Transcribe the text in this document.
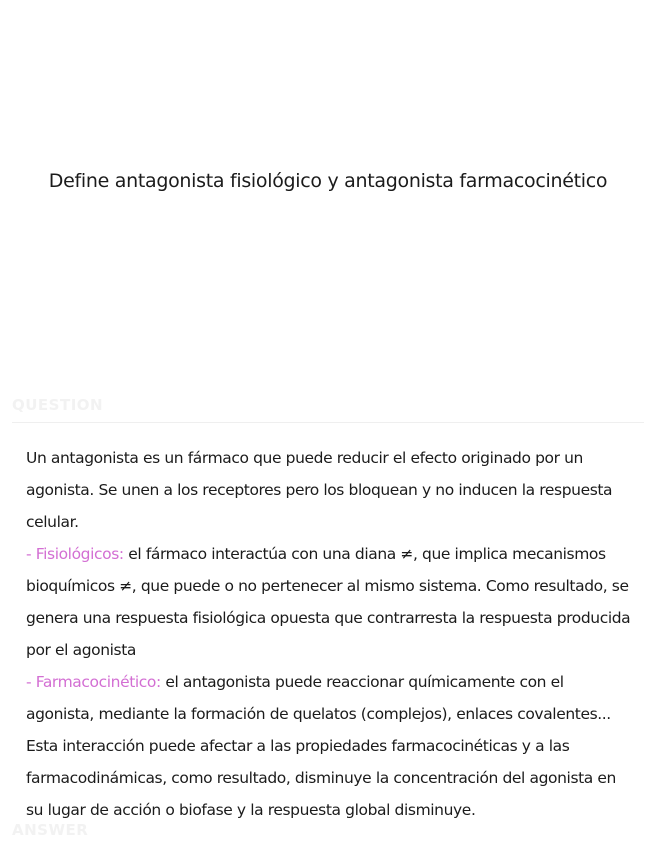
Define antagonista fisiológico y antagonista farmacocinético
QUESTION

Un antagonista es un fármaco que puede reducir el efecto originado por un agonista. Se unen a los receptores pero los bloquean y no inducen la respuesta celular.

- Fisiológicos: el fármaco interactúa con una diana ≠, que implica mecanismos bioquímicos ≠, que puede o no pertenecer al mismo sistema. Como resultado, se genera una respuesta fisiológica opuesta que contrarresta la respuesta producida por el agonista

- Farmacocinético: el antagonista puede reaccionar químicamente con el agonista, mediante la formación de quelatos (complejos), enlaces covalentes... Esta interacción puede afectar a las propiedades farmacocinéticas y a las farmacodinámicas, como resultado, disminuye la concentración del agonista en su lugar de acción o biofase y la respuesta global disminuye.

ANSWER
